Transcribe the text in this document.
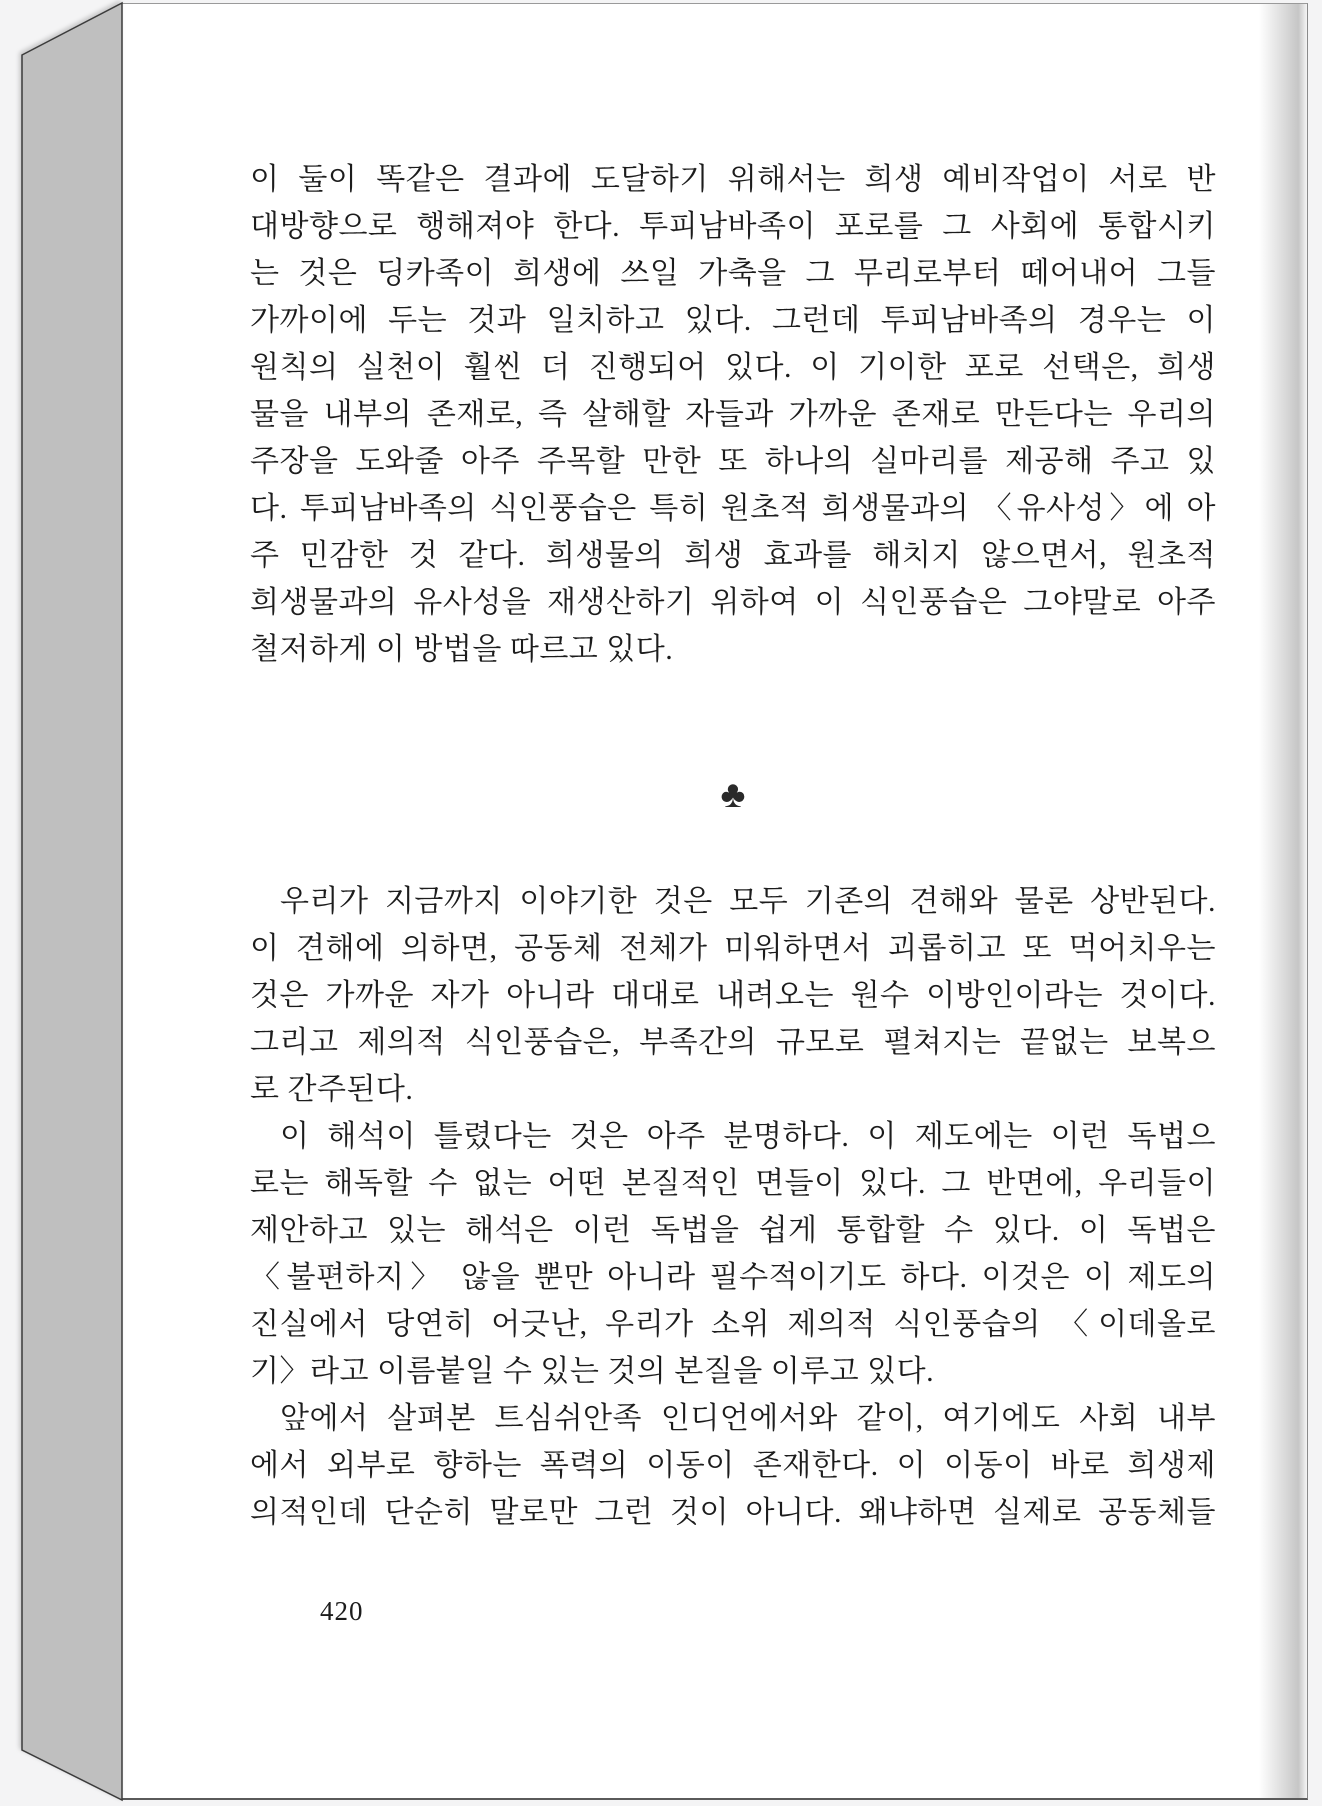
이 둘이 똑같은 결과에 도달하기 위해서는 희생 예비작업이 서로 반

대방향으로 행해져야 한다. 투피남바족이 포로를 그 사회에 통합시키

는 것은 딩카족이 희생에 쓰일 가축을 그 무리로부터 떼어내어 그들

가까이에 두는 것과 일치하고 있다. 그런데 투피남바족의 경우는 이

원칙의 실천이 훨씬 더 진행되어 있다. 이 기이한 포로 선택은, 희생

물을 내부의 존재로, 즉 살해할 자들과 가까운 존재로 만든다는 우리의

주장을 도와줄 아주 주목할 만한 또 하나의 실마리를 제공해 주고 있

다. 투피남바족의 식인풍습은 특히 원초적 희생물과의 〈유사성〉에 아

주 민감한 것 같다. 희생물의 희생 효과를 해치지 않으면서, 원초적

희생물과의 유사성을 재생산하기 위하여 이 식인풍습은 그야말로 아주

철저하게 이 방법을 따르고 있다.

♣

우리가 지금까지 이야기한 것은 모두 기존의 견해와 물론 상반된다.

이 견해에 의하면, 공동체 전체가 미워하면서 괴롭히고 또 먹어치우는

것은 가까운 자가 아니라 대대로 내려오는 원수 이방인이라는 것이다.

그리고 제의적 식인풍습은, 부족간의 규모로 펼쳐지는 끝없는 보복으

로 간주된다.

이 해석이 틀렸다는 것은 아주 분명하다. 이 제도에는 이런 독법으

로는 해독할 수 없는 어떤 본질적인 면들이 있다. 그 반면에, 우리들이

제안하고 있는 해석은 이런 독법을 쉽게 통합할 수 있다. 이 독법은

〈불편하지〉 않을 뿐만 아니라 필수적이기도 하다. 이것은 이 제도의

진실에서 당연히 어긋난, 우리가 소위 제의적 식인풍습의 〈이데올로

기〉라고 이름붙일 수 있는 것의 본질을 이루고 있다.

앞에서 살펴본 트심쉬안족 인디언에서와 같이, 여기에도 사회 내부

에서 외부로 향하는 폭력의 이동이 존재한다. 이 이동이 바로 희생제

의적인데 단순히 말로만 그런 것이 아니다. 왜냐하면 실제로 공동체들

420
